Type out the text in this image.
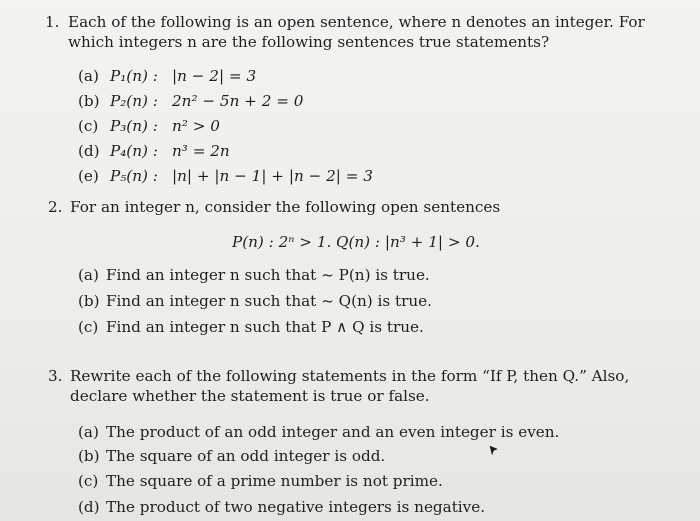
1. Each of the following is an open sentence, where n denotes an integer. For
which integers n are the following sentences true statements?
(a) P₁(n) : |n − 2| = 3
(b) P₂(n) : 2n² − 5n + 2 = 0
(c) P₃(n) : n² > 0
(d) P₄(n) : n³ = 2n
(e) P₅(n) : |n| + |n − 1| + |n − 2| = 3
2. For an integer n, consider the following open sentences
P(n) : 2ⁿ > 1. Q(n) : |n³ + 1| > 0.
(a) Find an integer n such that ~ P(n) is true.
(b) Find an integer n such that ~ Q(n) is true.
(c) Find an integer n such that P ∧ Q is true.
3. Rewrite each of the following statements in the form “If P, then Q.” Also,
declare whether the statement is true or false.
(a) The product of an odd integer and an even integer is even.
(b) The square of an odd integer is odd.
(c) The square of a prime number is not prime.
(d) The product of two negative integers is negative.
